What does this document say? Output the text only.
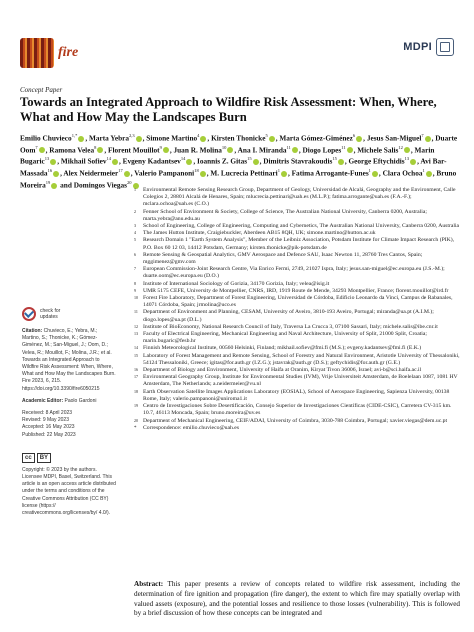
fire	MDPI
Concept Paper
Towards an Integrated Approach to Wildfire Risk Assessment: When, Where, What and How May the Landscapes Burn
Emilio Chuvieco$^{1,*}$ , Marta Yebra$^{2,3}$ , Simone Martino$^4$ , Kirsten Thonicke$^5$ , Marta Gómez-Giménez$^6$ , Jesus San-Miguel$^7$ , Duarte Oom$^7$ , Ramona Velea$^8$ , Florent Mouillot$^9$ , Juan R. Molina$^{10}$ , Ana I. Miranda$^{11}$ , Diogo Lopes$^{11}$ , Michele Salis$^{12}$ , Marin Bugaric$^{13}$ , Mikhail Sofiev$^{14}$ , Evgeny Kadantsev$^{14}$ , Ioannis Z. Gitas$^{15}$ , Dimitris Stavrakoudis$^{15}$ , George Eftychidis$^{13}$ , Avi Bar-Massada$^{16}$ , Alex Neidermeier$^{17}$ , Valerio Pampanoni$^{18}$ , M. Lucrecia Pettinari$^1$ , Fatima Arrogante-Funes$^1$ , Clara Ochoa$^1$ , Bruno Moreira$^{19}$ and Domingos Viegas$^{20}$
check for
updates

Citation: Chuvieco, E.; Yebra, M.; Martino, S.; Thonicke, K.; Gómez-Giménez, M.; San-Miguel, J.; Oom, D.; Velea, R.; Mouillot, F.; Molina, J.R.; et al. Towards an Integrated Approach to Wildfire Risk Assessment: When, Where, What and How May the Landscapes Burn. Fire 2023, 6, 215. https://doi.org/10.3390/fire6050215

Academic Editor: Paolo Gardoni

Received: 8 April 2023
Revised: 9 May 2023
Accepted: 16 May 2023
Published: 22 May 2023
cc	BY

Copyright: © 2023 by the authors. Licensee MDPI, Basel, Switzerland. This article is an open access article distributed under the terms and conditions of the Creative Commons Attribution (CC BY) license (https:// creativecommons.org/licenses/by/ 4.0/).

1 Environmental Remote Sensing Research Group, Department of Geology, Universidad de Alcalá, Geography and the Environment, Calle Colegios 2, 28801 Alcalá de Henares, Spain; mlucrecia.pettinari@uah.es (M.L.P.); fatima.arrogante@uah.es (F.A.-F.); mclara.ochoa@uah.es (C.O.)
2 Fenner School of Environment & Society, College of Science, The Australian National University, Canberra 0200, Australia; marta.yebra@anu.edu.au
3 School of Engineering, College of Engineering, Computing and Cybernetics, The Australian National University, Canberra 0200, Australia
4 The James Hutton Institute, Craigiebuckler, Aberdeen AB15 8QH, UK; simone.martino@hutton.ac.uk
5 Research Domain 1 "Earth System Analysis", Member of the Leibniz Association, Potsdam Institute for Climate Impact Research (PIK), P.O. Box 60 12 03, 14412 Potsdam, Germany; kirsten.thonicke@pik-potsdam.de
6 Remote Sensing & Geospatial Analytics, GMV Aerospace and Defence SAU, Isaac Newton 11, 28760 Tres Cantos, Spain; mggimenez@gmv.com
7 European Commission-Joint Research Centre, Via Enrico Fermi, 2749, 21027 Ispra, Italy; jesus.san-miguel@ec.europa.eu (J.S.-M.); duarte.oom@ec.europa.eu (D.O.)
8 Institute of International Sociology of Gorizia, 34170 Gorizia, Italy; velea@isig.it
9 UMR 5175 CEFE, University de Montpellier, CNRS, IRD, 1919 Route de Mende, 34293 Montpellier, France; florent.mouillot@ird.fr
10 Forest Fire Laboratory, Department of Forest Engineering, Universidad de Córdoba, Edificio Leonardo da Vinci, Campus de Rabanales, 14071 Córdoba, Spain; jrmolina@uco.es
11 Department of Environment and Planning, CESAM, University of Aveiro, 3810-193 Aveiro, Portugal; miranda@ua.pt (A.I.M.); diogo.lopes@ua.pt (D.L.)
12 Institute of BioEconomy, National Research Council of Italy, Traversa La Crucca 3, 07100 Sassari, Italy; michele.salis@ibe.cnr.it
13 Faculty of Electrical Engineering, Mechanical Engineering and Naval Architecture, University of Split, 21000 Split, Croatia; marin.bugaric@fesb.hr
14 Finnish Meteorological Institute, 00560 Helsinki, Finland; mikhail.sofiev@fmi.fi (M.S.); evgeny.kadantsev@fmi.fi (E.K.)
15 Laboratory of Forest Management and Remote Sensing, School of Forestry and Natural Environment, Aristotle University of Thessaloniki, 54124 Thessaloniki, Greece; igitas@for.auth.gr (I.Z.G.); jstavrak@auth.gr (D.S.); geftychidis@for.auth.gr (G.E.)
16 Department of Biology and Environment, University of Haifa at Oranim, Kiryat Tivon 36006, Israel; avi-b@sci.haifa.ac.il
17 Environmental Geography Group, Institute for Environmental Studies (IVM), Vrije Universiteit Amsterdam, de Boelelaan 1087, 1081 HV Amsterdam, The Netherlands; a.neidermeier@vu.nl
18 Earth Observation Satellite Images Applications Laboratory (EOSIAL), School of Aerospace Engineering, Sapienza University, 00138 Rome, Italy; valerio.pampanoni@uniroma1.it
19 Centro de Investigaciones Sobre Desertificación, Consejo Superior de Investigaciones Científicas (CIDE-CSIC), Carretera CV-315 km. 10.7, 46113 Moncada, Spain; bruno.moreira@uv.es
20 Department of Mechanical Engineering, CEIF/ADAI, University of Coimbra, 3030-788 Coimbra, Portugal; xavier.viegas@dem.uc.pt
* Correspondence: emilio.chuvieco@uah.es

Abstract: This paper presents a review of concepts related to wildfire risk assessment, including the determination of fire ignition and propagation (fire danger), the extent to which fire may spatially overlap with valued assets (exposure), and the potential losses and resilience to those losses (vulnerability). This is followed by a brief discussion of how these concepts can be integrated and
